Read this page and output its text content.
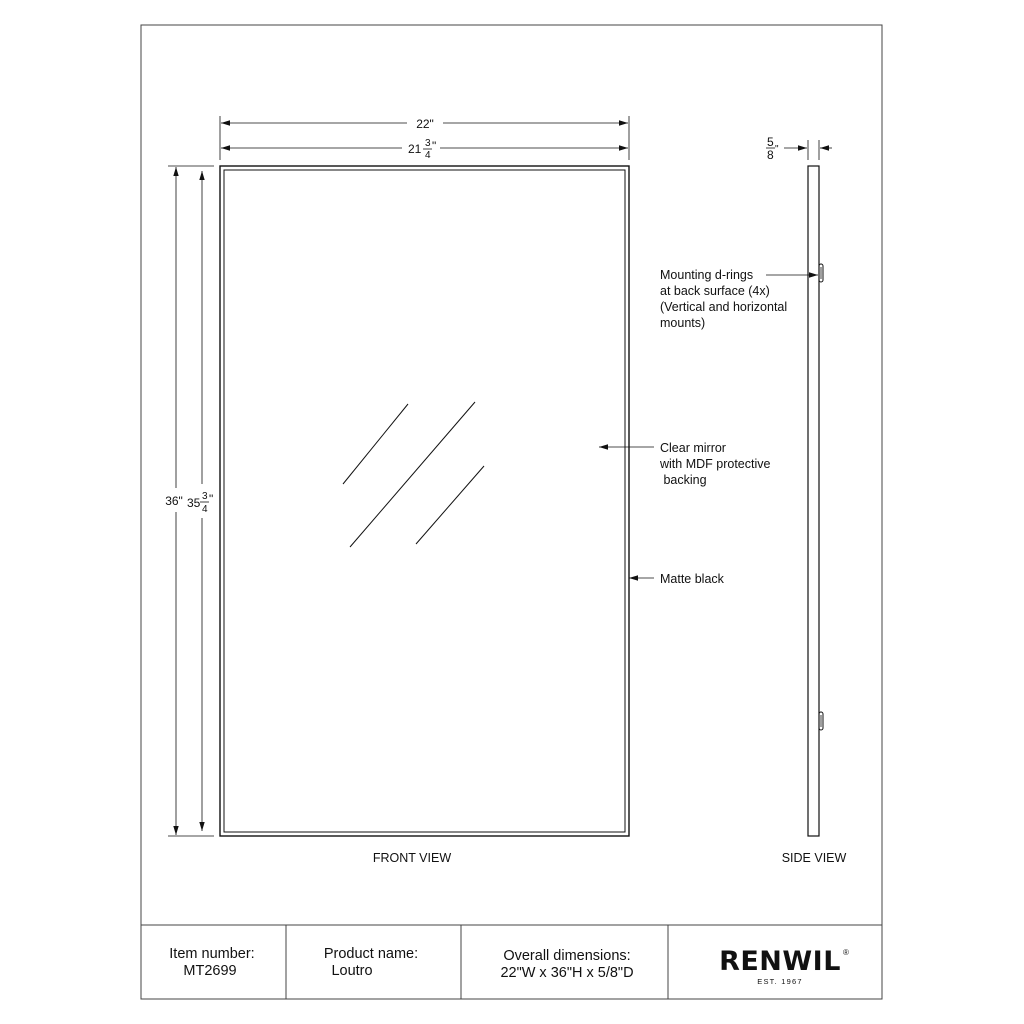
22"
21 3
4
"
36" 35 3
4
"
FRONT VIEW
5
8 "
SIDE VIEW
Mounting d-rings
at back surface (4x)
(Vertical and horizontal
mounts)
Clear mirror
with MDF protective
backing
Matte black
Item number:
MT2699
Product name:
Loutro
Overall dimensions:
22"W x 36"H x 5/8"D	RENWIL ®
EST. 1967
